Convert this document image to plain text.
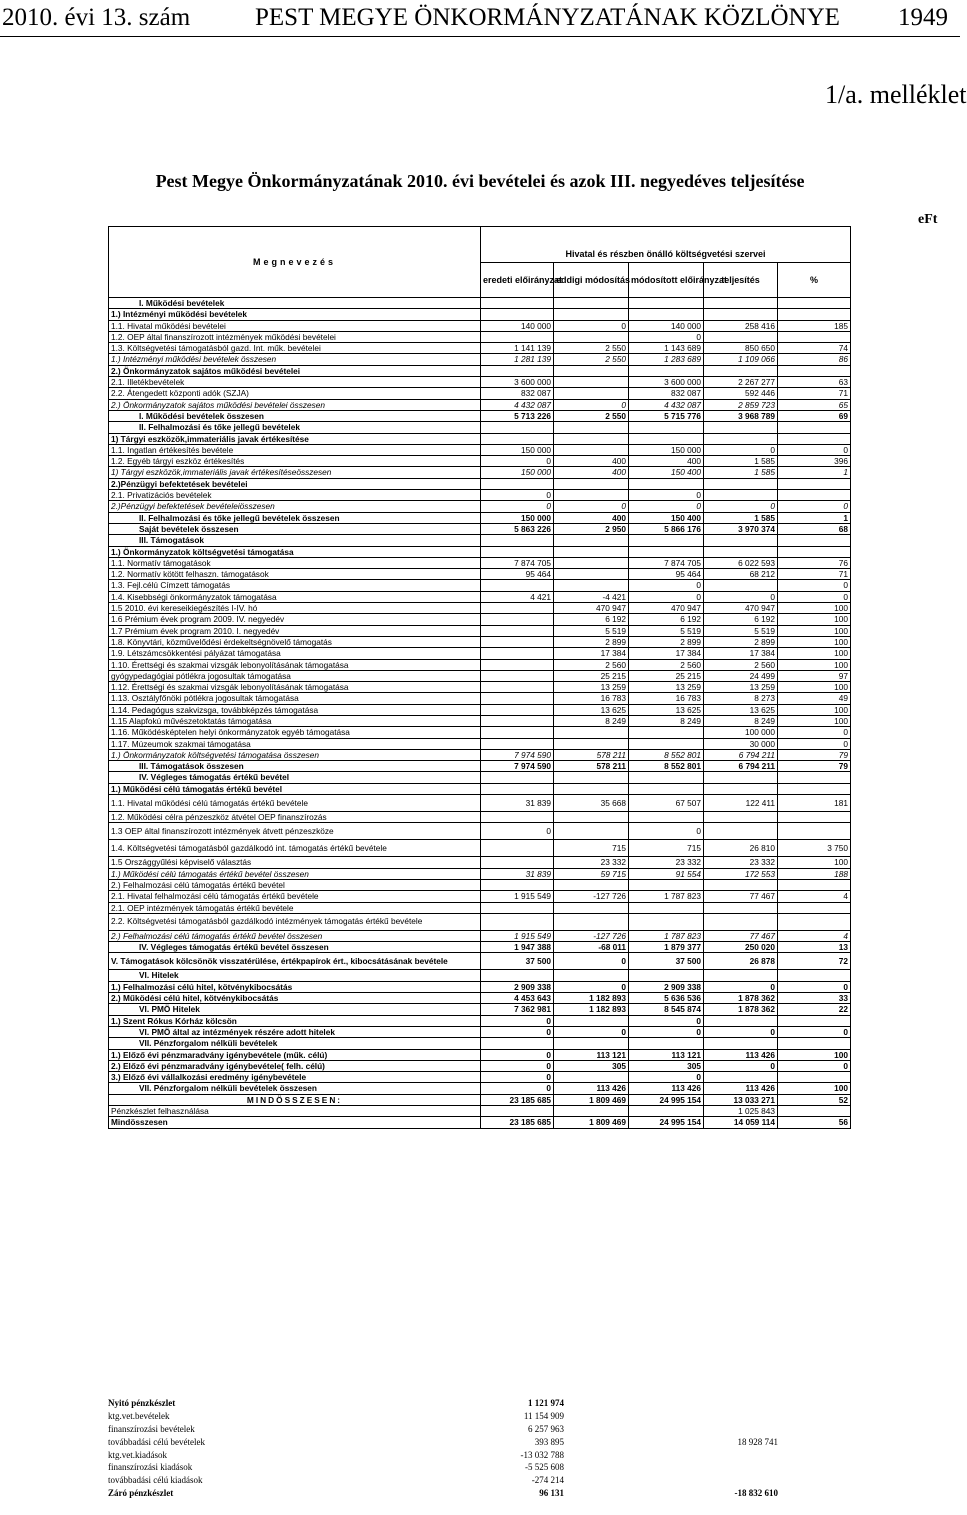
2010. évi 13. szám	PEST MEGYE ÖNKORMÁNYZATÁNAK KÖZLÖNYE 1949
1/a. melléklet
Pest Megye Önkormányzatának 2010. évi bevételei és azok III. negyedéves teljesítése
eFt
Megnevezés	Hivatal és részben önálló költségvetési szervei				
	eredeti előirányzat	eddigi módosítás	módosított előirányzat	teljesítés	%
I. Működési bevételek					
1.) Intézményi működési bevételek					
1.1. Hivatal működési bevételei	140 000	0	140 000	258 416	185
1.2. OEP által finanszírozott intézmények működési bevételei			0		
1.3. Költségvetési támogatásból gazd. Int. műk. bevételei	1 141 139	2 550	1 143 689	850 650	74
1.) Intézményi működési bevételek összesen	1 281 139	2 550	1 283 689	1 109 066	86
2.) Önkormányzatok sajátos működési bevételei					
2.1. Illetékbevételek	3 600 000		3 600 000	2 267 277	63
2.2. Átengedett központi adók (SZJA)	832 087		832 087	592 446	71
2.) Önkormányzatok sajátos működési bevételei összesen	4 432 087	0	4 432 087	2 859 723	65
I. Működési bevételek összesen	5 713 226	2 550	5 715 776	3 968 789	69
II. Felhalmozási és tőke jellegű bevételek					
1) Tárgyi eszközök,immateriális javak értékesítése					
1.1. Ingatlan értékesítés bevétele	150 000		150 000	0	0
1.2. Egyéb tárgyi eszköz értékesítés	0	400	400	1 585	396
1) Tárgyi eszközök,immateriális javak értékesítéseösszesen	150 000	400	150 400	1 585	1
2.)Pénzügyi befektetések bevételei					
2.1. Privatizációs bevételek	0		0		
2.)Pénzügyi befektetések bevételeiösszesen	0	0	0	0	0
II. Felhalmozási és tőke jellegű bevételek összesen	150 000	400	150 400	1 585	1
Saját bevételek összesen	5 863 226	2 950	5 866 176	3 970 374	68
III. Támogatások					
1.) Önkormányzatok költségvetési támogatása					
1.1. Normatív támogatások	7 874 705		7 874 705	6 022 593	76
1.2. Normatív kötött felhaszn. támogatások	95 464		95 464	68 212	71
1.3. Fejl.célú Címzett támogatás			0		0
1.4. Kisebbségi önkormányzatok támogatása	4 421	-4 421	0	0	0
1.5 2010. évi kereseikiegészítés I-IV. hó		470 947	470 947	470 947	100
1.6 Prémium évek program 2009. IV. negyedév		6 192	6 192	6 192	100
1.7 Prémium évek program 2010. I. negyedév		5 519	5 519	5 519	100
1.8. Könyvtári, közművelődési érdekeltségnövelő támogatás		2 899	2 899	2 899	100
1.9. Létszámcsökkentési pályázat támogatása		17 384	17 384	17 384	100
1.10. Érettségi és szakmai vizsgák lebonyolításának támogatása		2 560	2 560	2 560	100
gyógypedagógiai pótlékra jogosultak támogatása		25 215	25 215	24 499	97
1.12. Érettségi és szakmai vizsgák lebonyolításának támogatása		13 259	13 259	13 259	100
1.13. Osztályfőnöki pótlékra jogosultak támogatása		16 783	16 783	8 273	49
1.14. Pedagógus szakvizsga, továbbképzés támogatása		13 625	13 625	13 625	100
1.15 Alapfokú művészetoktatás támogatása		8 249	8 249	8 249	100
1.16. Működésképtelen helyi önkormányzatok egyéb támogatása				100 000	0
1.17. Múzeumok szakmai támogatása				30 000	0
1.) Önkormányzatok költségvetési támogatása összesen	7 974 590	578 211	8 552 801	6 794 211	79
III. Támogatások összesen	7 974 590	578 211	8 552 801	6 794 211	79
IV. Végleges támogatás értékű bevétel					
1.) Működési célú támogatás értékű bevétel					
1.1. Hivatal működési célú támogatás értékű bevétele	31 839	35 668	67 507	122 411	181
1.2. Működési célra pénzeszköz átvétel OEP finanszírozás					
1.3 OEP által finanszírozott intézmények átvett pénzeszköze	0		0		
1.4. Költségvetési támogatásból gazdálkodó int. támogatás értékű bevétele		715	715	26 810	3 750
1.5 Országgyűlési képviselő választás		23 332	23 332	23 332	100
1.) Működési célú támogatás értékű bevétel összesen	31 839	59 715	91 554	172 553	188
2.) Felhalmozási célú támogatás értékű bevétel					
2.1. Hivatal felhalmozási célú támogatás értékű bevétele	1 915 549	-127 726	1 787 823	77 467	4
2.1. OEP intézmények támogatás értékű bevétele					
2.2. Költségvetési támogatásból gazdálkodó intézmények támogatás értékű bevétele					
2.) Felhalmozási célú támogatás értékű bevétel összesen	1 915 549	-127 726	1 787 823	77 467	4
IV. Végleges támogatás értékű bevétel összesen	1 947 388	-68 011	1 879 377	250 020	13
V. Támogatások kölcsönök visszatérülése, értékpapírok ért., kibocsátásának bevétele	37 500	0	37 500	26 878	72
VI. Hitelek					
1.) Felhalmozási célú hitel, kötvénykibocsátás	2 909 338	0	2 909 338	0	0
2.) Működési célú hitel, kötvénykibocsátás	4 453 643	1 182 893	5 636 536	1 878 362	33
VI. PMÖ Hitelek	7 362 981	1 182 893	8 545 874	1 878 362	22
1.) Szent Rókus Kórház kölcsön	0		0		
VI. PMÖ által az intézmények részére adott hitelek	0	0	0	0	0
VII. Pénzforgalom nélküli bevételek					
1.) Előző évi pénzmaradvány igénybevétele (műk. célú)	0	113 121	113 121	113 426	100
2.) Előző évi pénzmaradvány igénybevétele( felh. célú)	0	305	305	0	0
3.) Előző évi vállalkozási eredmény igénybevétele	0		0		
VII. Pénzforgalom nélküli bevételek összesen	0	113 426	113 426	113 426	100
MINDÖSSZESEN:	23 185 685	1 809 469	24 995 154	13 033 271	52
Pénzkészlet felhasználása				1 025 843	
Mindösszesen	23 185 685	1 809 469	24 995 154	14 059 114	56
Nyitó pénzkészlet	1 121 974
ktg.vet.bevételek	11 154 909
finanszírozási bevételek	6 257 963
továbbadási célú bevételek	393 895	18 928 741
ktg.vet.kiadások	-13 032 788
finanszírozási kiadások	-5 525 608
továbbadási célú kiadások	-274 214
Záró pénzkészlet	96 131	-18 832 610
